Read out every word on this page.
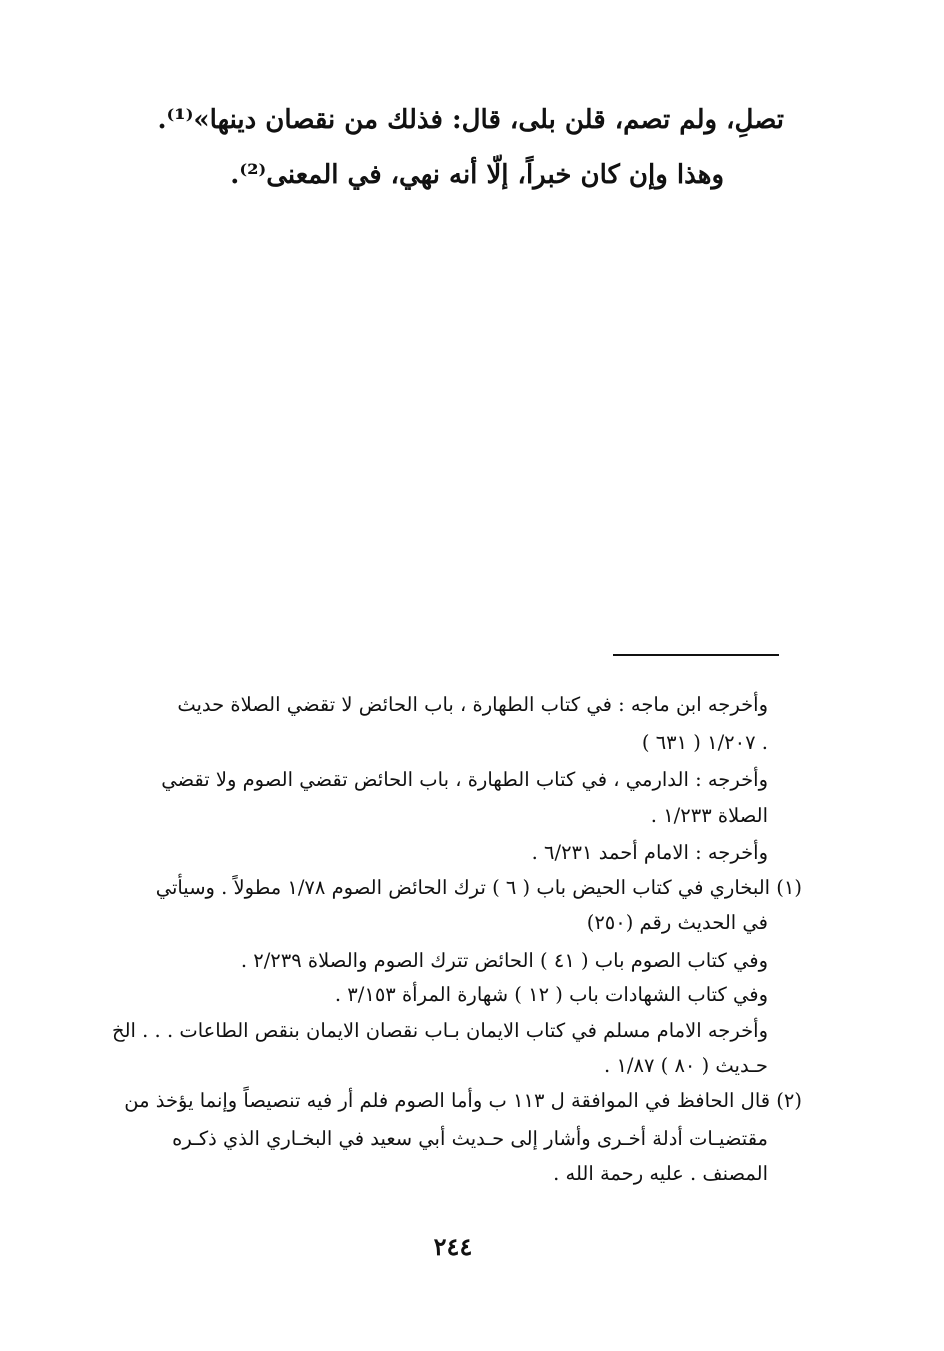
تصلِ، ولم تصم، قلن بلى، قال: فذلك من نقصان دينها»⁽¹⁾.
وهذا وإن كان خبراً، إلّا أنه نهي، في المعنى⁽²⁾.
وأخرجه ابن ماجه : في كتاب الطهارة ، باب الحائض لا تقضي الصلاة حديث
( ٦٣١ ) ١/٢٠٧ .
وأخرجه : الدارمي ، في كتاب الطهارة ، باب الحائض تقضي الصوم ولا تقضي
الصلاة ١/٢٣٣ .
وأخرجه : الامام أحمد ٦/٢٣١ .
(١) البخاري في كتاب الحيض باب ( ٦ ) ترك الحائض الصوم ١/٧٨ مطولاً . وسيأتي
في الحديث رقم (٢٥٠)
وفي كتاب الصوم باب ( ٤١ ) الحائض تترك الصوم والصلاة ٢/٢٣٩ .
وفي كتاب الشهادات باب ( ١٢ ) شهارة المرأة ٣/١٥٣ .
وأخرجه الامام مسلم في كتاب الايمان بـاب نقصان الايمان بنقص الطاعات . . . الخ
حـديث ( ٨٠ ) ١/٨٧ .
(٢) قال الحافظ في الموافقة ل ١١٣ ب وأما الصوم فلم أر فيه تنصيصاً وإنما يؤخذ من
مقتضيـات أدلة أخـرى وأشار إلى حـديث أبي سعيد في البخـاري الذي ذكـره
المصنف . عليه رحمة الله .
٢٤٤
